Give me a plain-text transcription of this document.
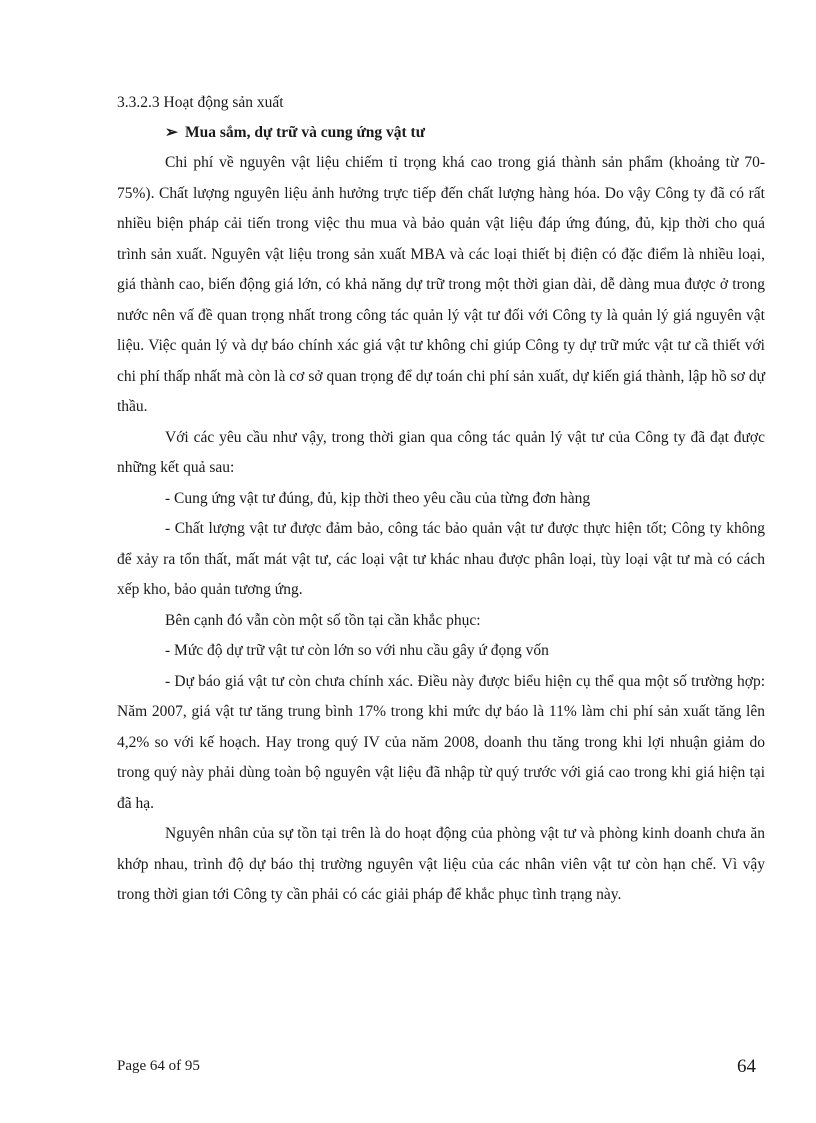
3.3.2.3 Hoạt động sản xuất
➢ Mua sắm, dự trữ và cung ứng vật tư

Chi phí về nguyên vật liệu chiếm tỉ trọng khá cao trong giá thành sản phẩm (khoảng từ 70-75%). Chất lượng nguyên liệu ảnh hưởng trực tiếp đến chất lượng hàng hóa. Do vậy Công ty đã có rất nhiều biện pháp cải tiến trong việc thu mua và bảo quản vật liệu đáp ứng đúng, đủ, kịp thời cho quá trình sản xuất. Nguyên vật liệu trong sản xuất MBA và các loại thiết bị điện có đặc điểm là nhiều loại, giá thành cao, biến động giá lớn, có khả năng dự trữ trong một thời gian dài, dễ dàng mua được ở trong nước nên vấ đề quan trọng nhất trong công tác quản lý vật tư đối với Công ty là quản lý giá nguyên vật liệu. Việc quản lý và dự báo chính xác giá vật tư không chỉ giúp Công ty dự trữ mức vật tư cầ thiết với chi phí thấp nhất mà còn là cơ sở quan trọng để dự toán chi phí sản xuất, dự kiến giá thành, lập hồ sơ dự thầu.

Với các yêu cầu như vậy, trong thời gian qua công tác quản lý vật tư của Công ty đã đạt được những kết quả sau:

- Cung ứng vật tư đúng, đủ, kịp thời theo yêu cầu của từng đơn hàng

- Chất lượng vật tư được đảm bảo, công tác bảo quản vật tư được thực hiện tốt; Công ty không để xảy ra tổn thất, mất mát vật tư, các loại vật tư khác nhau được phân loại, tùy loại vật tư mà có cách xếp kho, bảo quản tương ứng.

Bên cạnh đó vẫn còn một số tồn tại cần khắc phục:

- Mức độ dự trữ vật tư còn lớn so với nhu cầu gây ứ đọng vốn

- Dự báo giá vật tư còn chưa chính xác. Điều này được biểu hiện cụ thể qua một số trường hợp: Năm 2007, giá vật tư tăng trung bình 17% trong khi mức dự báo là 11% làm chi phí sản xuất tăng lên 4,2% so với kế hoạch. Hay trong quý IV của năm 2008, doanh thu tăng trong khi lợi nhuận giảm do trong quý này phải dùng toàn bộ nguyên vật liệu đã nhập từ quý trước với giá cao trong khi giá hiện tại đã hạ.

Nguyên nhân của sự tồn tại trên là do hoạt động của phòng vật tư và phòng kinh doanh chưa ăn khớp nhau, trình độ dự báo thị trường nguyên vật liệu của các nhân viên vật tư còn hạn chế. Vì vậy trong thời gian tới Công ty cần phải có các giải pháp để khắc phục tình trạng này.

Page 64 of 95	64
